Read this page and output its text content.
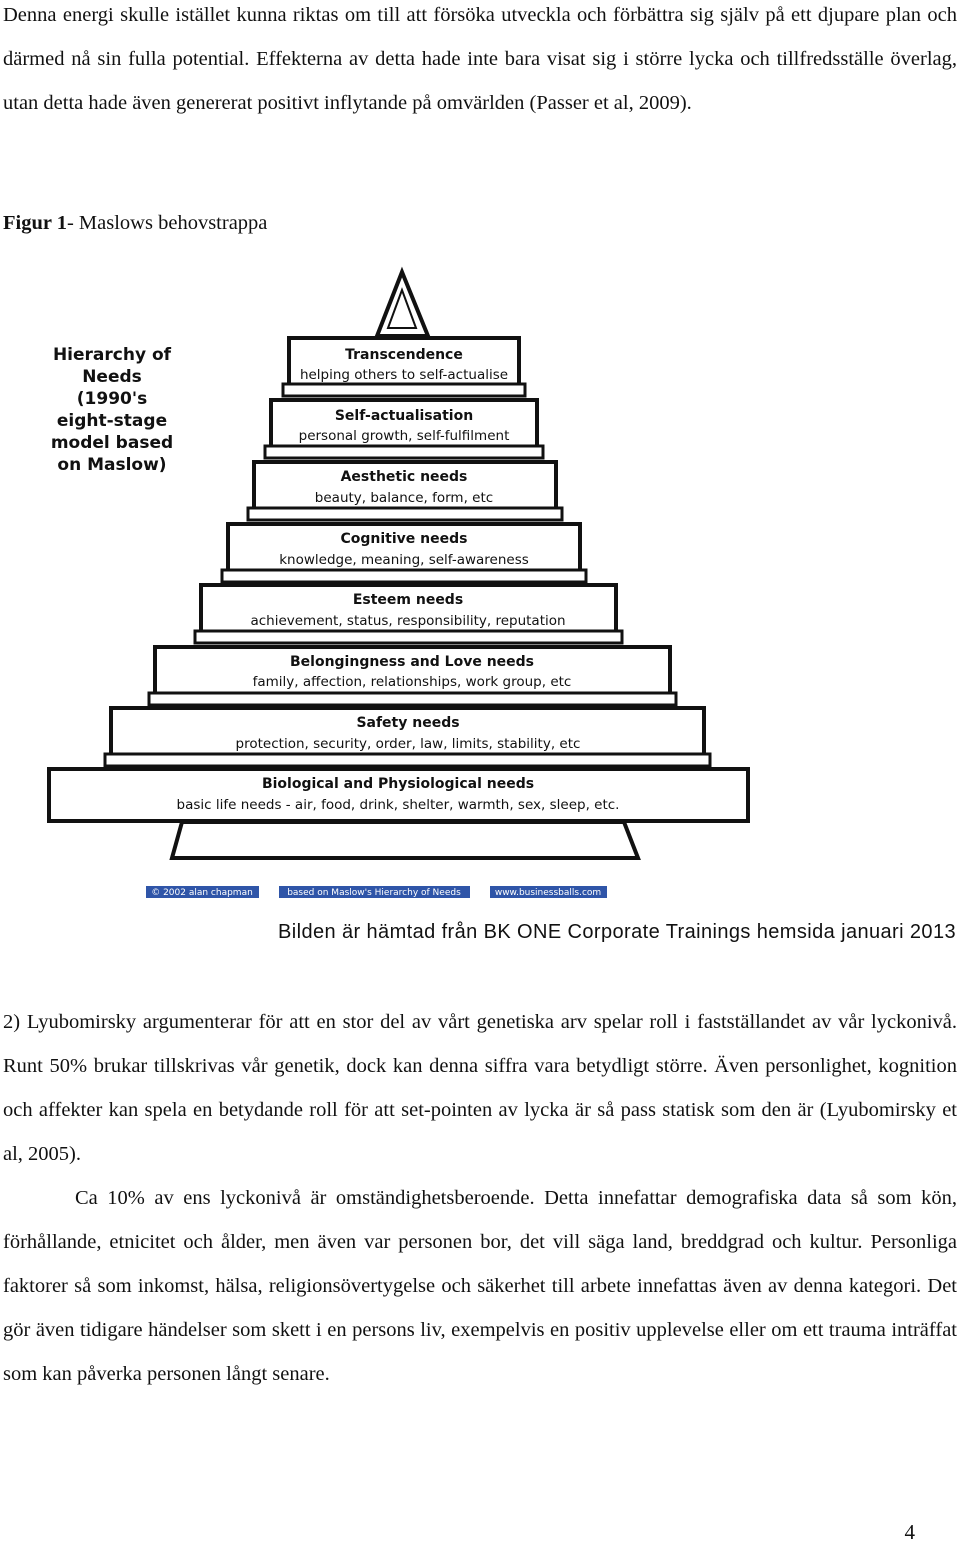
Denna energi skulle istället kunna riktas om till att försöka utveckla och förbättra sig själv på ett djupare plan och därmed nå sin fulla potential. Effekterna av detta hade inte bara visat sig i större lycka och tillfredsställe överlag, utan detta hade även genererat positivt inflytande på omvärlden (Passer et al, 2009).

Figur 1- Maslows behovstrappa
Hierarchy of
Needs
(1990's
eight-stage
model based
on Maslow)
Transcendence
helping others to self-actualise
Self-actualisation
personal growth, self-fulfilment
Aesthetic needs
beauty, balance, form, etc
Cognitive needs
knowledge, meaning, self-awareness
Esteem needs
achievement, status, responsibility, reputation
Belongingness and Love needs
family, affection, relationships, work group, etc
Safety needs
protection, security, order, law, limits, stability, etc
Biological and Physiological needs
basic life needs - air, food, drink, shelter, warmth, sex, sleep, etc.
© 2002 alan chapman	based on Maslow's Hierarchy of Needs	www.businessballs.com
Bilden är hämtad från BK ONE Corporate Trainings hemsida januari 2013

2) Lyubomirsky argumenterar för att en stor del av vårt genetiska arv spelar roll i fastställandet av vår lyckonivå. Runt 50% brukar tillskrivas vår genetik, dock kan denna siffra vara betydligt större. Även personlighet, kognition och affekter kan spela en betydande roll för att set-pointen av lycka är så pass statisk som den är (Lyubomirsky et al, 2005).
Ca 10% av ens lyckonivå är omständighetsberoende. Detta innefattar demografiska data så som kön, förhållande, etnicitet och ålder, men även var personen bor, det vill säga land, breddgrad och kultur. Personliga faktorer så som inkomst, hälsa, religionsövertygelse och säkerhet till arbete innefattas även av denna kategori. Det gör även tidigare händelser som skett i en persons liv, exempelvis en positiv upplevelse eller om ett trauma inträffat som kan påverka personen långt senare.

4
